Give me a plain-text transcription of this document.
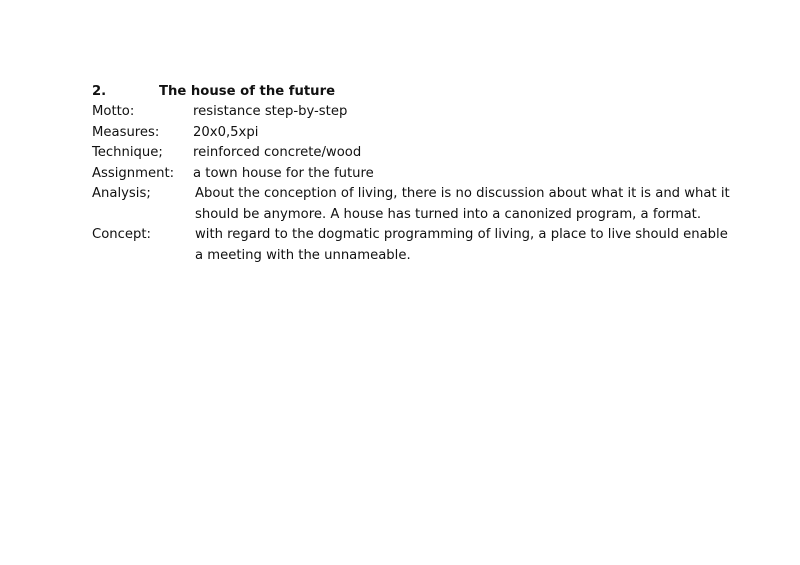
2.	The house of the future
Motto:	resistance step-by-step
Measures:	20x0,5xpi
Technique;	reinforced concrete/wood
Assignment:	a town house for the future
Analysis;	About the conception of living, there is no discussion about what it is and what it should be anymore. A house has turned into a canonized program, a format.
Concept:	with regard to the dogmatic programming of living, a place to live should enable a meeting with the unnameable.
